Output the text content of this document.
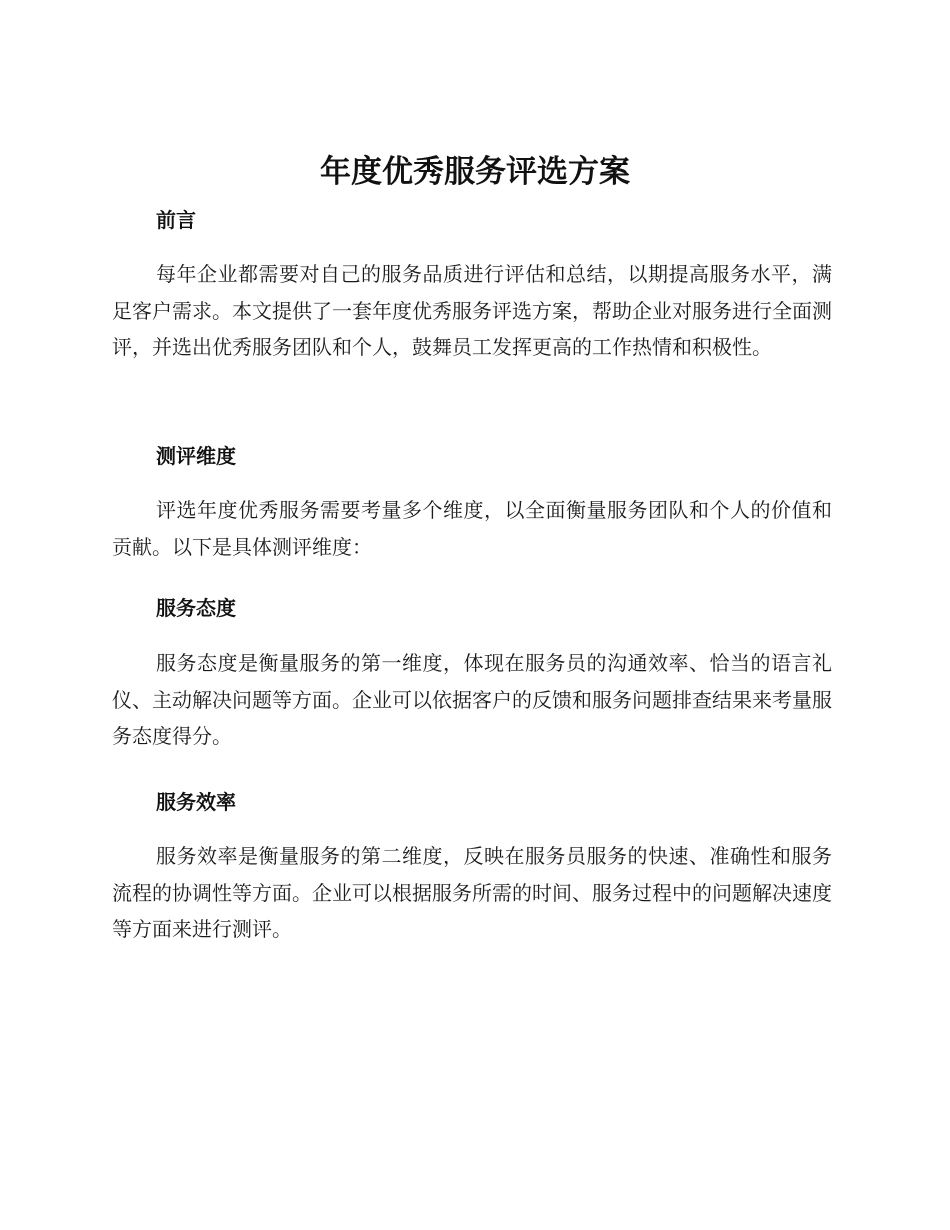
年度优秀服务评选方案
前言

每年企业都需要对自己的服务品质进行评估和总结，以期提高服务水平，满足客户需求。本文提供了一套年度优秀服务评选方案，帮助企业对服务进行全面测评，并选出优秀服务团队和个人，鼓舞员工发挥更高的工作热情和积极性。

测评维度

评选年度优秀服务需要考量多个维度，以全面衡量服务团队和个人的价值和贡献。以下是具体测评维度：

服务态度

服务态度是衡量服务的第一维度，体现在服务员的沟通效率、恰当的语言礼仪、主动解决问题等方面。企业可以依据客户的反馈和服务问题排查结果来考量服务态度得分。

服务效率

服务效率是衡量服务的第二维度，反映在服务员服务的快速、准确性和服务流程的协调性等方面。企业可以根据服务所需的时间、服务过程中的问题解决速度等方面来进行测评。
